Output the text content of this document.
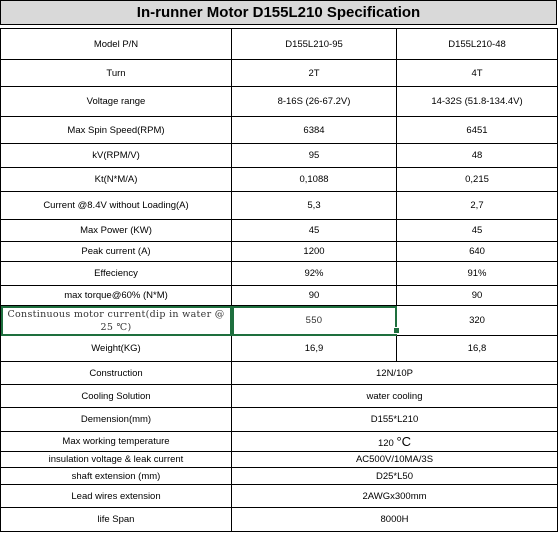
In-runner Motor D155L210 Specification
Model P/N	D155L210-95	D155L210-48
Turn	2T	4T
Voltage range	8-16S (26-67.2V)	14-32S (51.8-134.4V)
Max Spin Speed(RPM)	6384	6451
kV(RPM/V)	95	48
Kt(N*M/A)	0,1088	0,215
Current @8.4V without Loading(A)	5,3	2,7
Max Power (KW)	45	45
Peak current (A)	1200	640
Effeciency	92%	91%
max torque@60% (N*M)	90	90
Constinuous motor current(dip in water @ 25 ℃)	550	320
Weight(KG)	16,9	16,8
Construction	12N/10P	
Cooling Solution	water cooling	
Demension(mm)	D155*L210	
Max working temperature	120 °C	
insulation voltage & leak current	AC500V/10MA/3S	
shaft extension (mm)	D25*L50	
Lead wires extension	2AWGx300mm	
life Span	8000H	
